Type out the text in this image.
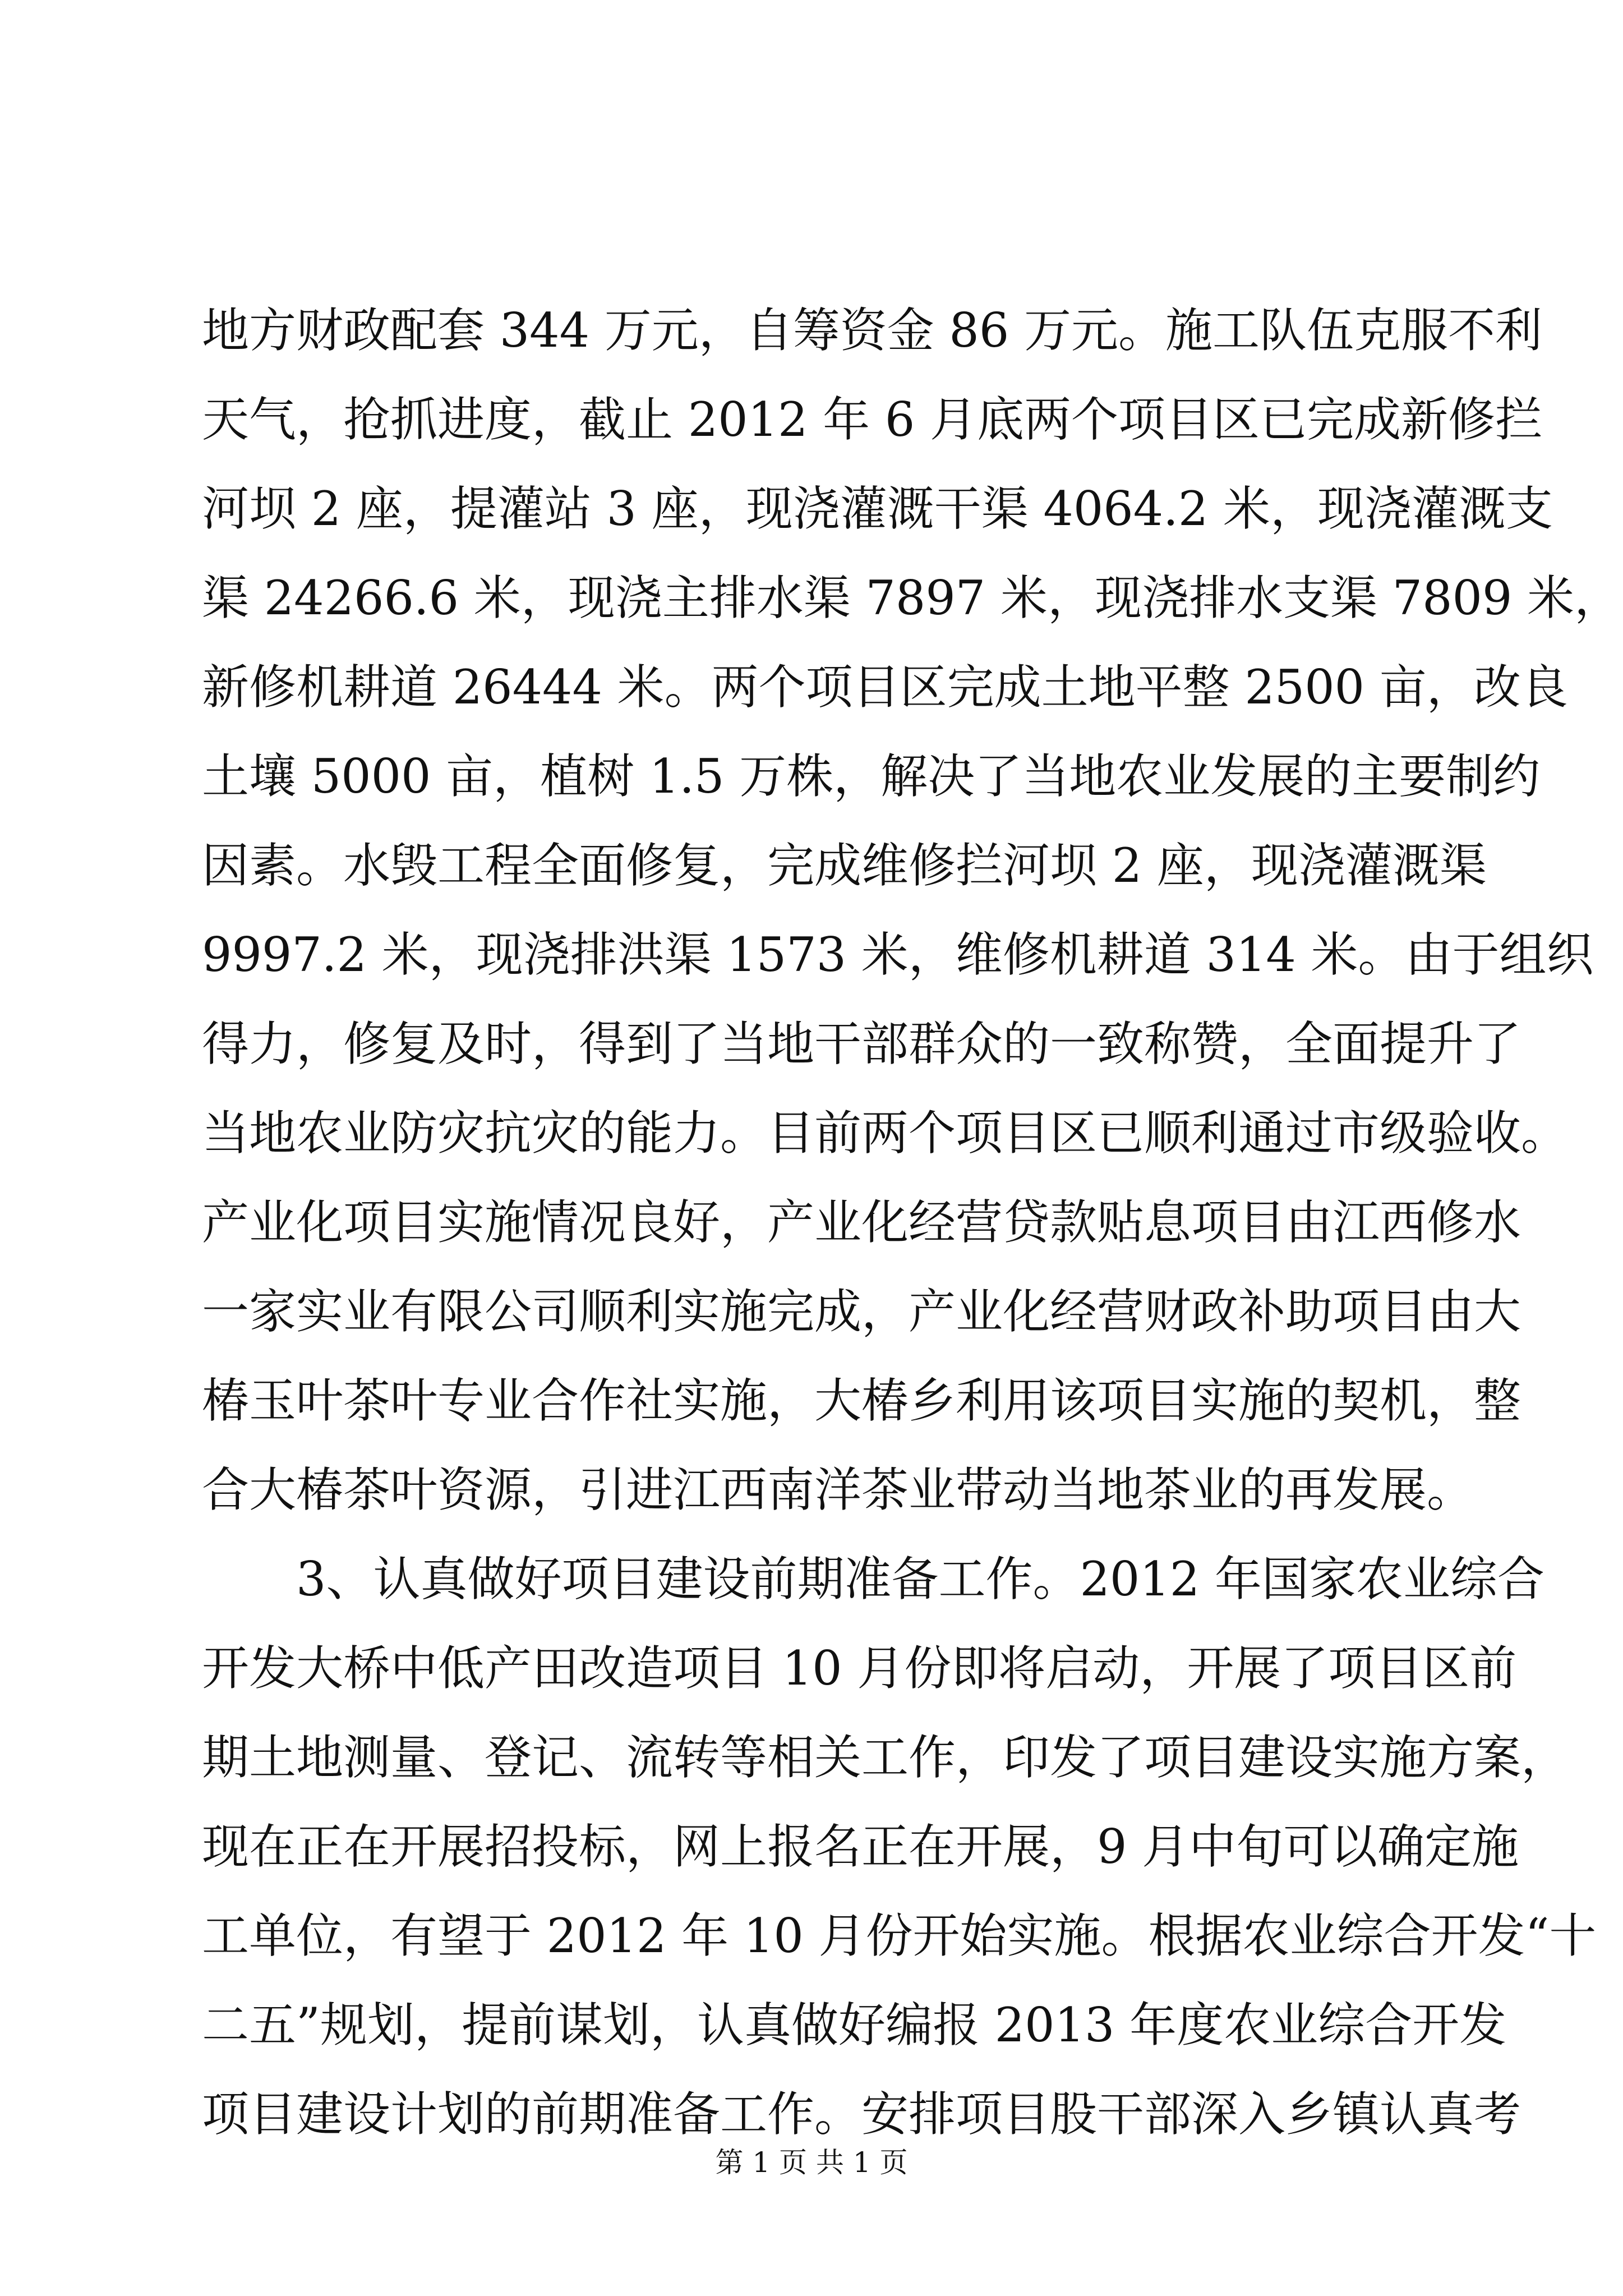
地方财政配套 344 万元，自筹资金 86 万元。施工队伍克服不利
天气，抢抓进度，截止 2012 年 6 月底两个项目区已完成新修拦
河坝 2 座，提灌站 3 座，现浇灌溉干渠 4064.2 米，现浇灌溉支
渠 24266.6 米，现浇主排水渠 7897 米，现浇排水支渠 7809 米，
新修机耕道 26444 米。两个项目区完成土地平整 2500 亩，改良
土壤 5000 亩，植树 1.5 万株，解决了当地农业发展的主要制约
因素。水毁工程全面修复，完成维修拦河坝 2 座，现浇灌溉渠
9997.2 米，现浇排洪渠 1573 米，维修机耕道 314 米。由于组织
得力，修复及时，得到了当地干部群众的一致称赞，全面提升了
当地农业防灾抗灾的能力。目前两个项目区已顺利通过市级验收。
产业化项目实施情况良好，产业化经营贷款贴息项目由江西修水
一家实业有限公司顺利实施完成，产业化经营财政补助项目由大
椿玉叶茶叶专业合作社实施，大椿乡利用该项目实施的契机，整
合大椿茶叶资源，引进江西南洋茶业带动当地茶业的再发展。
　　3、认真做好项目建设前期准备工作。2012 年国家农业综合
开发大桥中低产田改造项目 10 月份即将启动，开展了项目区前
期土地测量、登记、流转等相关工作，印发了项目建设实施方案，
现在正在开展招投标，网上报名正在开展，9 月中旬可以确定施
工单位，有望于 2012 年 10 月份开始实施。根据农业综合开发“十
二五”规划，提前谋划，认真做好编报 2013 年度农业综合开发
项目建设计划的前期准备工作。安排项目股干部深入乡镇认真考
第 1 页 共 1 页
